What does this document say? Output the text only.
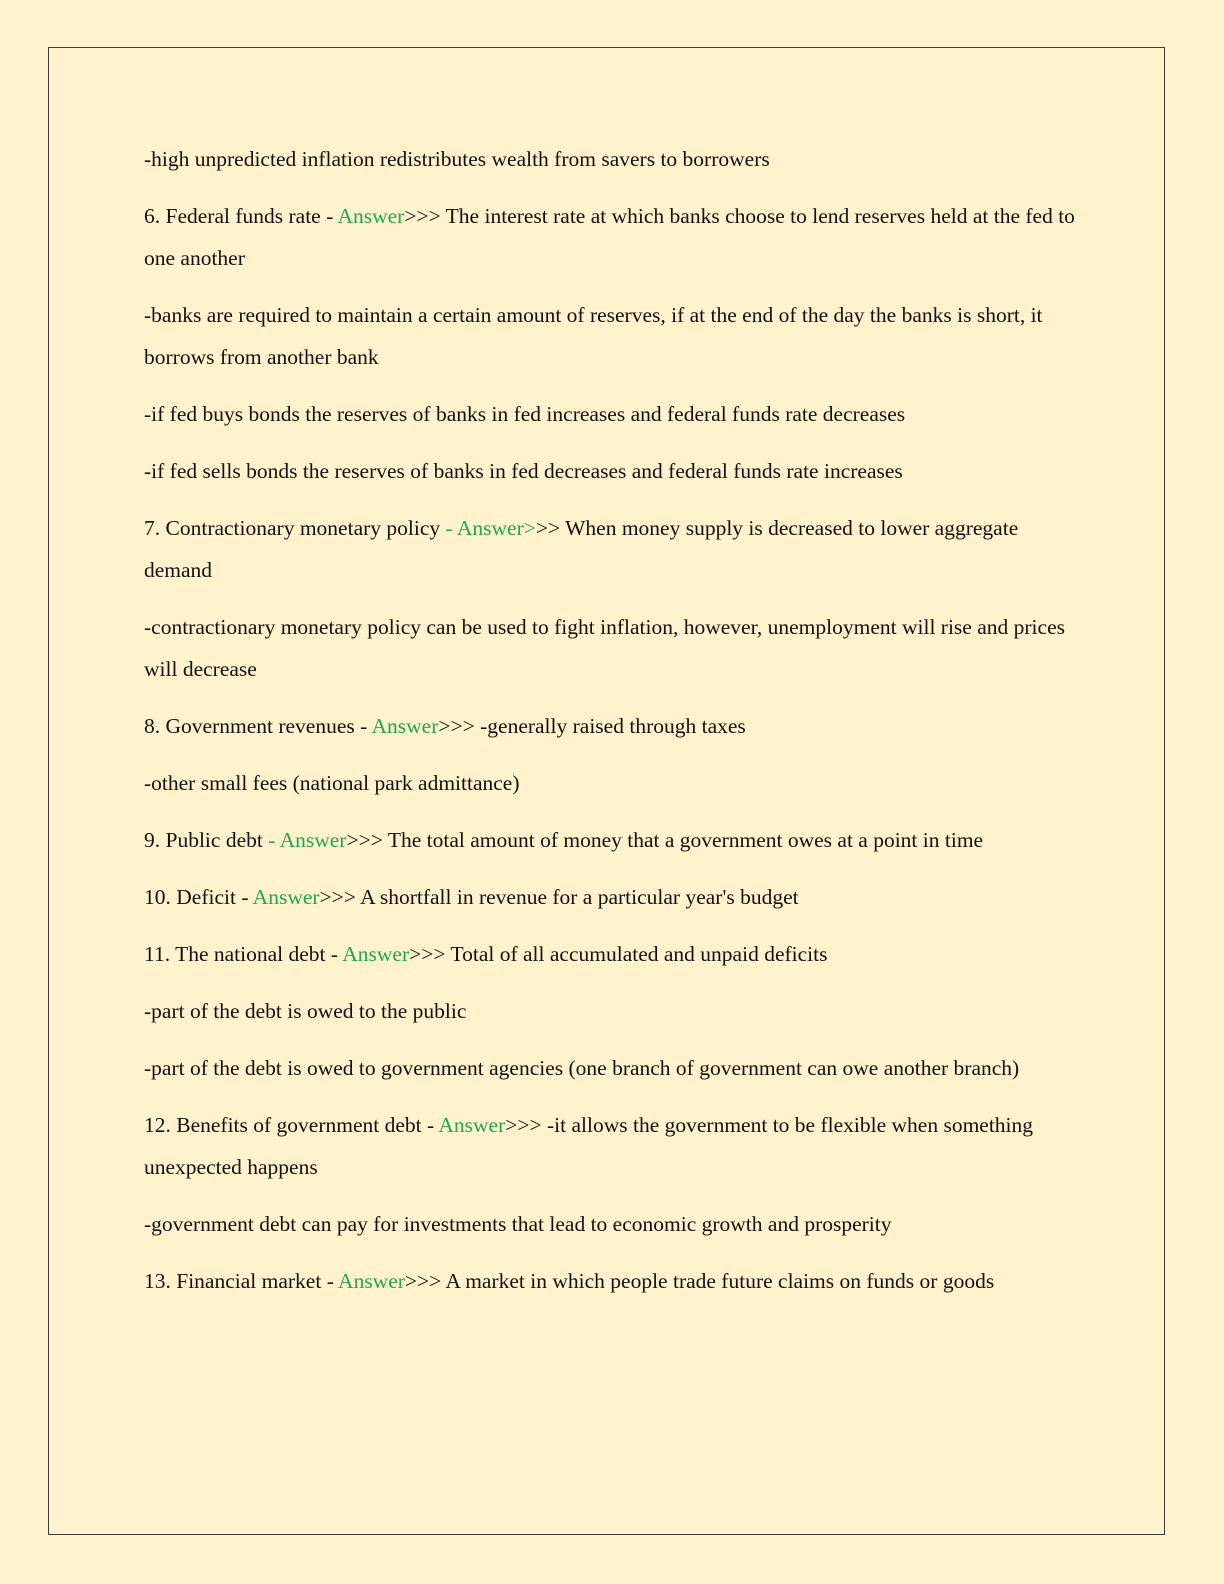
-high unpredicted inflation redistributes wealth from savers to borrowers

6. Federal funds rate - Answer>>> The interest rate at which banks choose to lend reserves held at the fed to one another

-banks are required to maintain a certain amount of reserves, if at the end of the day the banks is short, it borrows from another bank

-if fed buys bonds the reserves of banks in fed increases and federal funds rate decreases

-if fed sells bonds the reserves of banks in fed decreases and federal funds rate increases

7. Contractionary monetary policy - Answer>>> When money supply is decreased to lower aggregate demand

-contractionary monetary policy can be used to fight inflation, however, unemployment will rise and prices will decrease

8. Government revenues - Answer>>> -generally raised through taxes

-other small fees (national park admittance)

9. Public debt - Answer>>> The total amount of money that a government owes at a point in time

10. Deficit - Answer>>> A shortfall in revenue for a particular year's budget

11. The national debt - Answer>>> Total of all accumulated and unpaid deficits

-part of the debt is owed to the public

-part of the debt is owed to government agencies (one branch of government can owe another branch)

12. Benefits of government debt - Answer>>> -it allows the government to be flexible when something unexpected happens

-government debt can pay for investments that lead to economic growth and prosperity

13. Financial market - Answer>>> A market in which people trade future claims on funds or goods
